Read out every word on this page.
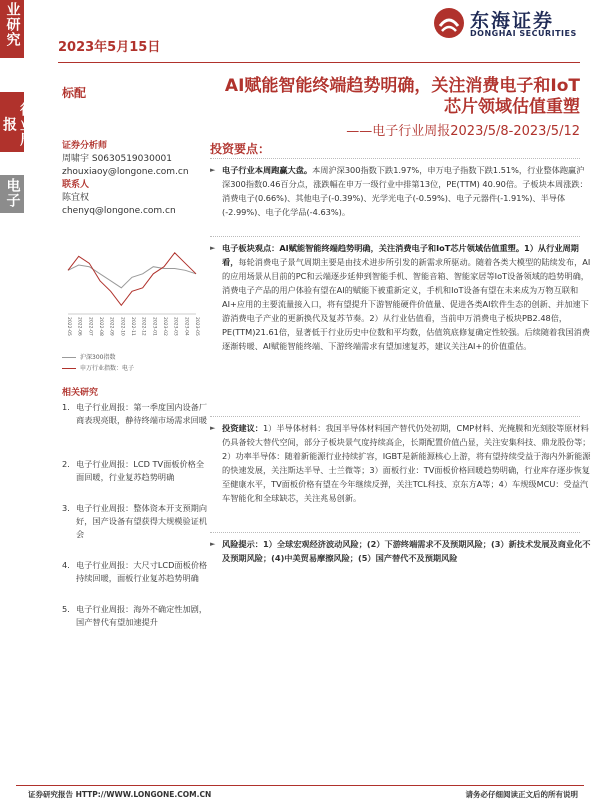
业研究
行业周报
电子
2023年5月15日
东海证券
DONGHAI SECURITIES
标配	AI赋能智能终端趋势明确，关注消费电子和IoT芯片领域估值重塑
——电子行业周报2023/5/8-2023/5/12
证券分析师
周啸宇 S0630519030001
zhouxiaoy@longone.com.cn
联系人
陈宜权
chenyq@longone.com.cn
2022-05 2022-06 2022-07 2022-08 2022-09 2022-10 2022-11 2022-12 2023-01 2023-02 2023-03 2023-04 2023-05
沪深300指数
申万行业指数：电子
投资要点：
► 电子行业本周跑赢大盘。本周沪深300指数下跌1.97%，申万电子指数下跌1.51%，行业整体跑赢沪深300指数0.46百分点，涨跌幅在申万一级行业中排第13位，PE(TTM) 40.90倍。子板块本周涨跌：消费电子(0.66%)、其他电子(-0.39%)、光学光电子(-0.59%)、电子元器件(-1.91%)、半导体(-2.99%)、电子化学品(-4.63%)。
► 电子板块观点：AI赋能智能终端趋势明确，关注消费电子和IoT芯片领域估值重塑。1）从行业周期看，每轮消费电子景气周期主要是由技术进步所引发的新需求所驱动。随着各类大模型的陆续发布，AI的应用场景从目前的PC和云端逐步延伸到智能手机、智能音箱、智能家居等IoT设备领域的趋势明确，消费电子产品的用户体验有望在AI的赋能下被重新定义，手机和IoT设备有望在未来成为万物互联和AI+应用的主要流量接入口，将有望提升下游智能硬件价值量、促进各类AI软件生态的创新、并加速下游消费电子产业的更新换代及复苏节奏。2）从行业估值看，当前申万消费电子板块PB2.48倍，PE(TTM)21.61倍，显著低于行业历史中位数和平均数，估值筑底修复确定性较强。后续随着我国消费逐渐转暖、AI赋能智能终端、下游终端需求有望加速复苏，建议关注AI+的价值重估。
► 投资建议：1）半导体材料：我国半导体材料国产替代仍处初期，CMP材料、光掩膜和光刻胶等原材料仍具备较大替代空间，部分子板块景气度持续高企，长期配置价值凸显，关注安集科技、鼎龙股份等；2）功率半导体：随着新能源行业持续扩容，IGBT是新能源核心上游，将有望持续受益于海内外新能源的快速发展，关注斯达半导、士兰微等；3）面板行业：TV面板价格回暖趋势明确，行业库存逐步恢复至健康水平，TV面板价格有望在今年继续反弹，关注TCL科技、京东方A等；4）车规级MCU：受益汽车智能化和全球缺芯，关注兆易创新。
► 风险提示：1）全球宏观经济波动风险；(2）下游终端需求不及预期风险；(3）新技术发展及商业化不及预期风险；(4)中美贸易摩擦风险；(5）国产替代不及预期风险
相关研究
1. 电子行业周报：第一季度国内设备厂商表现亮眼，静待终端市场需求回暖
2. 电子行业周报：LCD TV面板价格全面回暖，行业复苏趋势明确
3. 电子行业周报：整体资本开支预期向好，国产设备有望获得大规模验证机会
4. 电子行业周报：大尺寸LCD面板价格持续回暖，面板行业复苏趋势明确
5. 电子行业周报：海外不确定性加剧，国产替代有望加速提升
证券研究报告 HTTP://WWW.LONGONE.COM.CN	请务必仔细阅读正文后的所有说明
